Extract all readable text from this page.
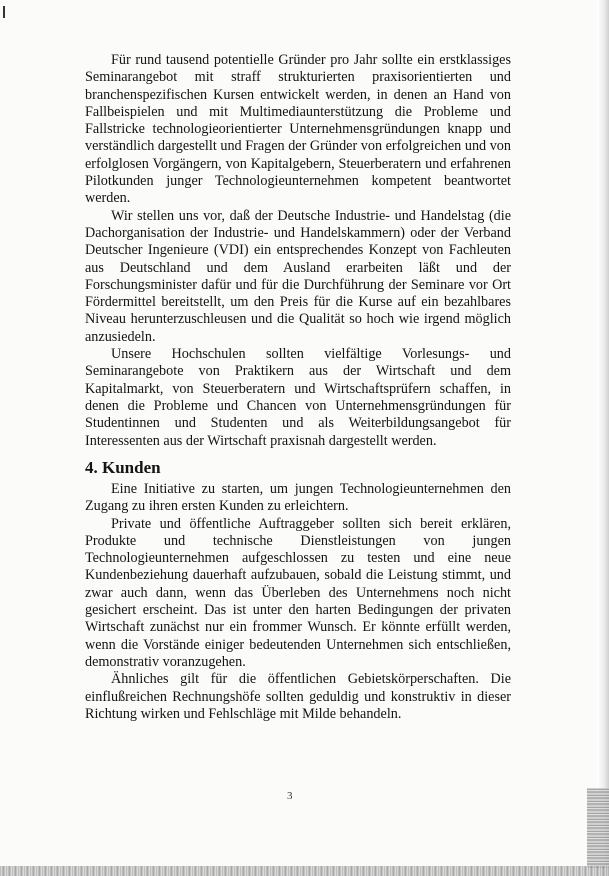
Für rund tausend potentielle Gründer pro Jahr sollte ein erstklassiges Seminarangebot mit straff strukturierten praxisorientierten und branchenspezifischen Kursen entwickelt werden, in denen an Hand von Fallbeispielen und mit Multimediaunterstützung die Probleme und Fallstricke technologieorientierter Unternehmensgründungen knapp und verständlich dargestellt und Fragen der Gründer von erfolgreichen und von erfolglosen Vorgängern, von Kapitalgebern, Steuerberatern und erfahrenen Pilotkunden junger Technologieunternehmen kompetent beantwortet werden.

Wir stellen uns vor, daß der Deutsche Industrie- und Handelstag (die Dachorganisation der Industrie- und Handelskammern) oder der Verband Deutscher Ingenieure (VDI) ein entsprechendes Konzept von Fachleuten aus Deutschland und dem Ausland erarbeiten läßt und der Forschungsminister dafür und für die Durchführung der Seminare vor Ort Fördermittel bereitstellt, um den Preis für die Kurse auf ein bezahlbares Niveau herunterzuschleusen und die Qualität so hoch wie irgend möglich anzusiedeln.

Unsere Hochschulen sollten vielfältige Vorlesungs- und Seminarangebote von Praktikern aus der Wirtschaft und dem Kapitalmarkt, von Steuerberatern und Wirtschaftsprüfern schaffen, in denen die Probleme und Chancen von Unternehmensgründungen für Studentinnen und Studenten und als Weiterbildungsangebot für Interessenten aus der Wirtschaft praxisnah dargestellt werden.

4. Kunden

Eine Initiative zu starten, um jungen Technologieunternehmen den Zugang zu ihren ersten Kunden zu erleichtern.

Private und öffentliche Auftraggeber sollten sich bereit erklären, Produkte und technische Dienstleistungen von jungen Technologieunternehmen aufgeschlossen zu testen und eine neue Kundenbeziehung dauerhaft aufzubauen, sobald die Leistung stimmt, und zwar auch dann, wenn das Überleben des Unternehmens noch nicht gesichert erscheint. Das ist unter den harten Bedingungen der privaten Wirtschaft zunächst nur ein frommer Wunsch. Er könnte erfüllt werden, wenn die Vorstände einiger bedeutenden Unternehmen sich entschließen, demonstrativ voranzugehen.

Ähnliches gilt für die öffentlichen Gebietskörperschaften. Die einflußreichen Rechnungshöfe sollten geduldig und konstruktiv in dieser Richtung wirken und Fehlschläge mit Milde behandeln.

3
